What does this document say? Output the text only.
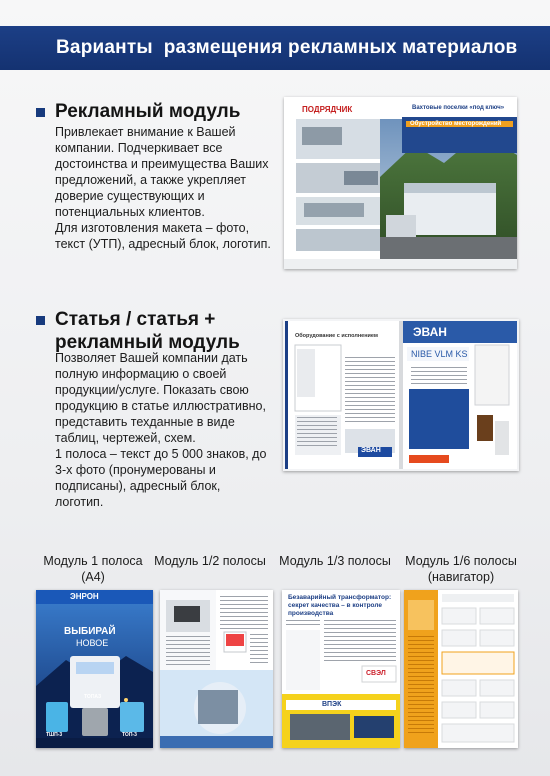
Варианты  размещения рекламных материалов
Рекламный модуль
Привлекает внимание к Вашей
компании. Подчеркивает все
достоинства и преимущества Ваших
предложений, а также укрепляет
доверие существующих и
потенциальных клиентов.
Для изготовления макета – фото,
текст (УТП), адресный блок, логотип.
ПОДРЯДЧИК	Вахтовые поселки «под ключ»
Обустройство месторождений
Статья / статья +
рекламный модуль
Позволяет Вашей компании дать
полную информацию о своей
продукции/услуге. Показать свою
продукцию в статье иллюстративно,
представить техданные в виде
таблиц, чертежей, схем.
1 полоса – текст до 5 000 знаков, до
3-х фото (пронумерованы и
подписаны), адресный блок,
логотип.
Оборудование с исполнением
ЭВАН
ЭВАН
NIBE VLM KS
Модуль 1 полоса
(А4)
Модуль 1/2 полосы	Модуль 1/3 полосы	Модуль 1/6 полосы
(навигатор)
ЭНРОН
ВЫБИРАЙ
НОВОЕ
ТШП-3
ТОПАЗ
ТОП-3
Безаварийный трансформатор: секрет качества – в контроле производства
СВЭЛ
ВПЭК
